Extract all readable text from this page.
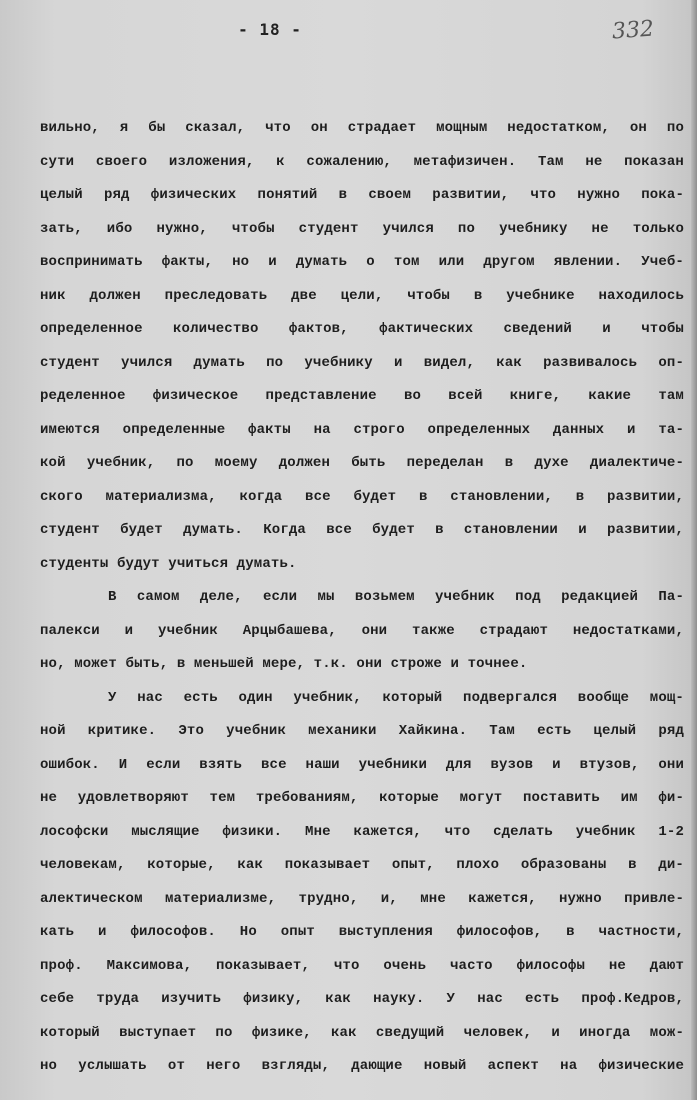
- 18 -	332
вильно, я бы сказал, что он страдает мощным недостатком, он по
сути своего изложения, к сожалению, метафизичен. Там не показан
целый ряд физических понятий в своем развитии, что нужно пока-
зать, ибо нужно, чтобы студент учился по учебнику не только
воспринимать факты, но и думать о том или другом явлении. Учеб-
ник должен преследовать две цели, чтобы в учебнике находилось
определенное количество фактов, фактических сведений и чтобы
студент учился думать по учебнику и видел, как развивалось оп-
ределенное физическое представление во всей книге, какие там
имеются определенные факты на строго определенных данных и та-
кой учебник, по моему должен быть переделан в духе диалектиче-
ского материализма, когда все будет в становлении, в развитии,
студент будет думать. Когда все будет в становлении и развитии,
студенты будут учиться думать.
В самом деле, если мы возьмем учебник под редакцией Па-
палекси и учебник Арцыбашева, они также страдают недостатками,
но, может быть, в меньшей мере, т.к. они строже и точнее.
У нас есть один учебник, который подвергался вообще мощ-
ной критике. Это учебник механики Хайкина. Там есть целый ряд
ошибок. И если взять все наши учебники для вузов и втузов, они
не удовлетворяют тем требованиям, которые могут поставить им фи-
лософски мыслящие физики. Мне кажется, что сделать учебник 1-2
человекам, которые, как показывает опыт, плохо образованы в ди-
алектическом материализме, трудно, и, мне кажется, нужно привле-
кать и философов. Но опыт выступления философов, в частности,
проф. Максимова, показывает, что очень часто философы не дают
себе труда изучить физику, как науку. У нас есть проф.Кедров,
который выступает по физике, как сведущий человек, и иногда мож-
но услышать от него взгляды, дающие новый аспект на физические
